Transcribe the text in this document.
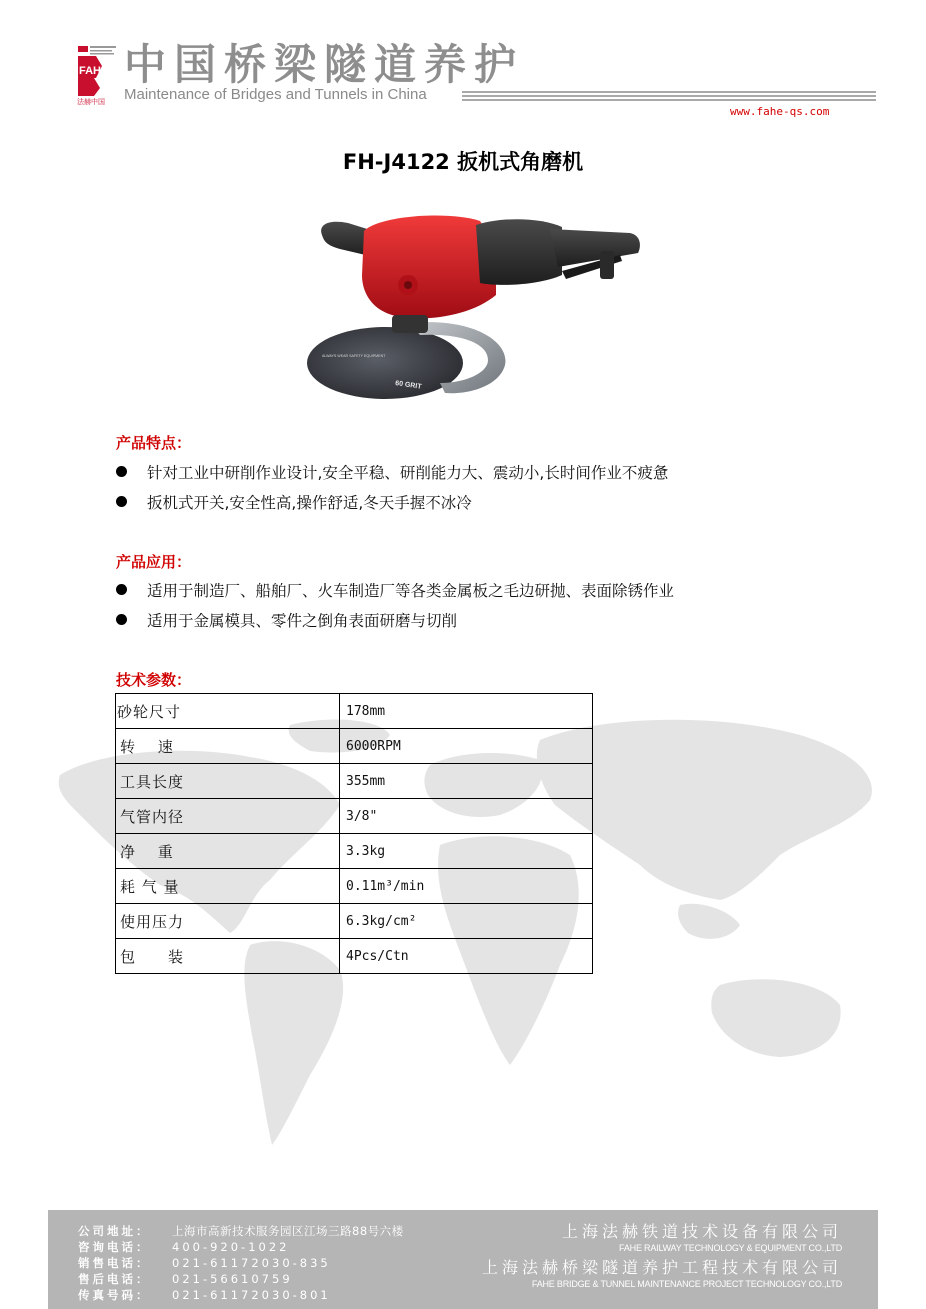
FAHE
法赫中国
中国桥梁隧道养护
Maintenance of Bridges and Tunnels in China
www.fahe-qs.com
FH-J4122 扳机式角磨机
60 GRIT
ALWAYS WEAR SAFETY EQUIPMENT
产品特点：
针对工业中研削作业设计,安全平稳、研削能力大、震动小,长时间作业不疲惫
扳机式开关,安全性高,操作舒适,冬天手握不冰冷
产品应用：
适用于制造厂、船舶厂、火车制造厂等各类金属板之毛边研抛、表面除锈作业
适用于金属模具、零件之倒角表面研磨与切削
技术参数：
砂轮尺寸	178mm
转　 速	6000RPM
工具长度	355mm
气管内径	3/8"
净　 重	3.3kg
耗 气 量	0.11m³/min
使用压力	6.3kg/cm²
包　　装	4Pcs/Ctn
公司地址： 上海市高新技术服务园区江场三路88号六楼
咨询电话： 400-920-1022
销售电话： 021-61172030-835
售后电话： 021-56610759
传真号码： 021-61172030-801
上海法赫铁道技术设备有限公司
FAHE RAILWAY TECHNOLOGY & EQUIPMENT CO.,LTD
上海法赫桥梁隧道养护工程技术有限公司
FAHE BRIDGE & TUNNEL MAINTENANCE PROJECT TECHNOLOGY CO.,LTD
